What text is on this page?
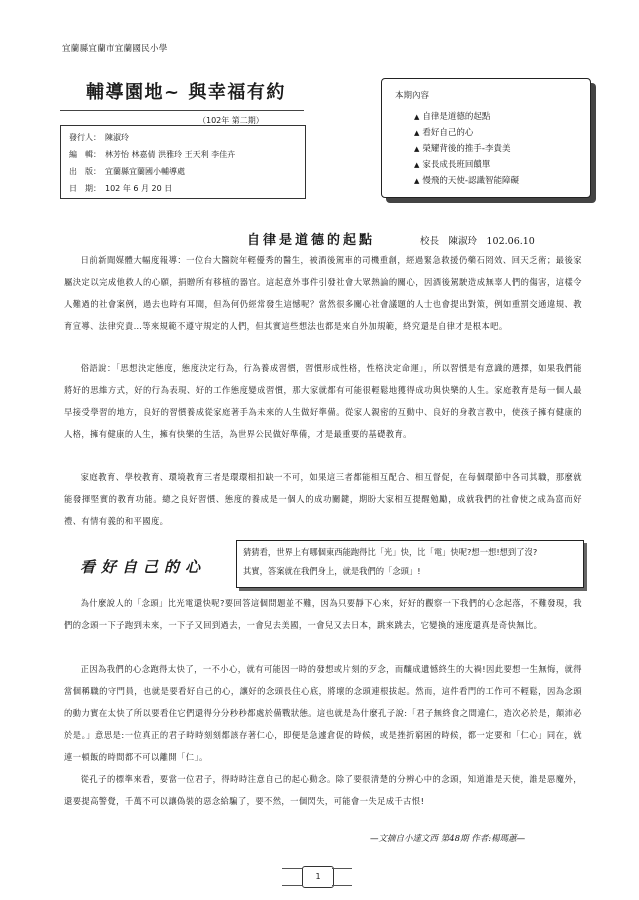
宜蘭縣宜蘭市宜蘭國民小學
輔導園地~ 與幸福有約
（102年 第二期）
發行人： 陳淑玲
編　輯： 林芳怡 林嘉倩 洪雅玲 王天利 李佳卉
出　版： 宜蘭縣宜蘭國小輔導處
日　期： 102 年 6 月 20 日
本期內容
▲ 自律是道德的起點
▲ 看好自己的心
▲ 榮耀背後的推手-李貴美
▲ 家長成長班回饋單
▲ 慢飛的天使-認識智能障礙
自律是道德的起點	校長　陳淑玲　102.06.10
日前新聞媒體大幅度報導：一位台大醫院年輕優秀的醫生，被酒後駕車的司機重創，經過緊急救援仍藥石罔效、回天乏術；最後家屬決定以完成他救人的心願，捐贈所有移植的器官。這起意外事件引發社會大眾熱論的關心，因酒後駕駛造成無辜人們的傷害，這樣令人難過的社會案例，過去也時有耳聞，但為何仍經常發生這憾呢？當然很多關心社會議題的人士也會提出對策，例如重罰交通違規、教育宣導、法律究責…等來規範不遵守規定的人們，但其實這些想法也都是來自外加規範，終究還是自律才是根本吧。
俗語說：「思想決定態度，態度決定行為，行為養成習慣，習慣形成性格，性格決定命運」，所以習慣是有意識的選擇，如果我們能將好的思維方式，好的行為表現、好的工作態度變成習慣，那大家就都有可能很輕鬆地獲得成功與快樂的人生。家庭教育是每一個人最早接受學習的地方，良好的習慣養成從家庭著手為未來的人生做好準備。從家人親密的互動中、良好的身教言教中，使孩子擁有健康的人格，擁有健康的人生，擁有快樂的生活，為世界公民做好準備，才是最重要的基礎教育。
家庭教育、學校教育、環境教育三者是環環相扣缺一不可，如果這三者都能相互配合、相互督促，在每個環節中各司其職，那麼就能發揮堅實的教育功能。總之良好習慣、態度的養成是一個人的成功關鍵，期盼大家相互提醒勉勵，成就我們的社會使之成為富而好禮、有情有義的和平國度。
看好自己的心
猜猜看，世界上有哪個東西能跑得比「光」快，比「電」快呢?想一想!想到了沒?
其實，答案就在我們身上，就是我們的「念頭」!
為什麼說人的「念頭」比光電還快呢?要回答這個問題並不難，因為只要靜下心來，好好的觀察一下我們的心念起落，不難發現，我們的念頭一下子跑到未來，一下子又回到過去，一會兒去美國，一會兒又去日本，跳來跳去，它變換的速度還真是奇快無比。
正因為我們的心念跑得太快了，一不小心，就有可能因一時的發想或片刻的歹念，而釀成遺憾終生的大禍!因此要想一生無悔，就得當個稱職的守門員，也就是要看好自己的心，讓好的念頭長住心底，將壞的念頭連根拔起。然而，這件看門的工作可不輕鬆，因為念頭的動力實在太快了所以要看住它們還得分分秒秒都處於備戰狀態。這也就是為什麼孔子說:「君子無終食之間違仁，造次必於是，顛沛必於是。」意思是:一位真正的君子時時刻刻都該存著仁心，即便是急遽倉促的時候，或是挫折窮困的時候，都一定要和「仁心」同在，就連一頓飯的時間都不可以離開「仁」。
從孔子的標準來看，要當一位君子，得時時注意自己的起心動念。除了要很清楚的分辨心中的念頭，知道誰是天使，誰是惡魔外，還要提高警覺，千萬不可以讓偽裝的惡念給騙了，要不然，一個閃失，可能會一失足成千古恨!
—文摘自小達文西 第48期 作者:楊瑪蕙—
1
